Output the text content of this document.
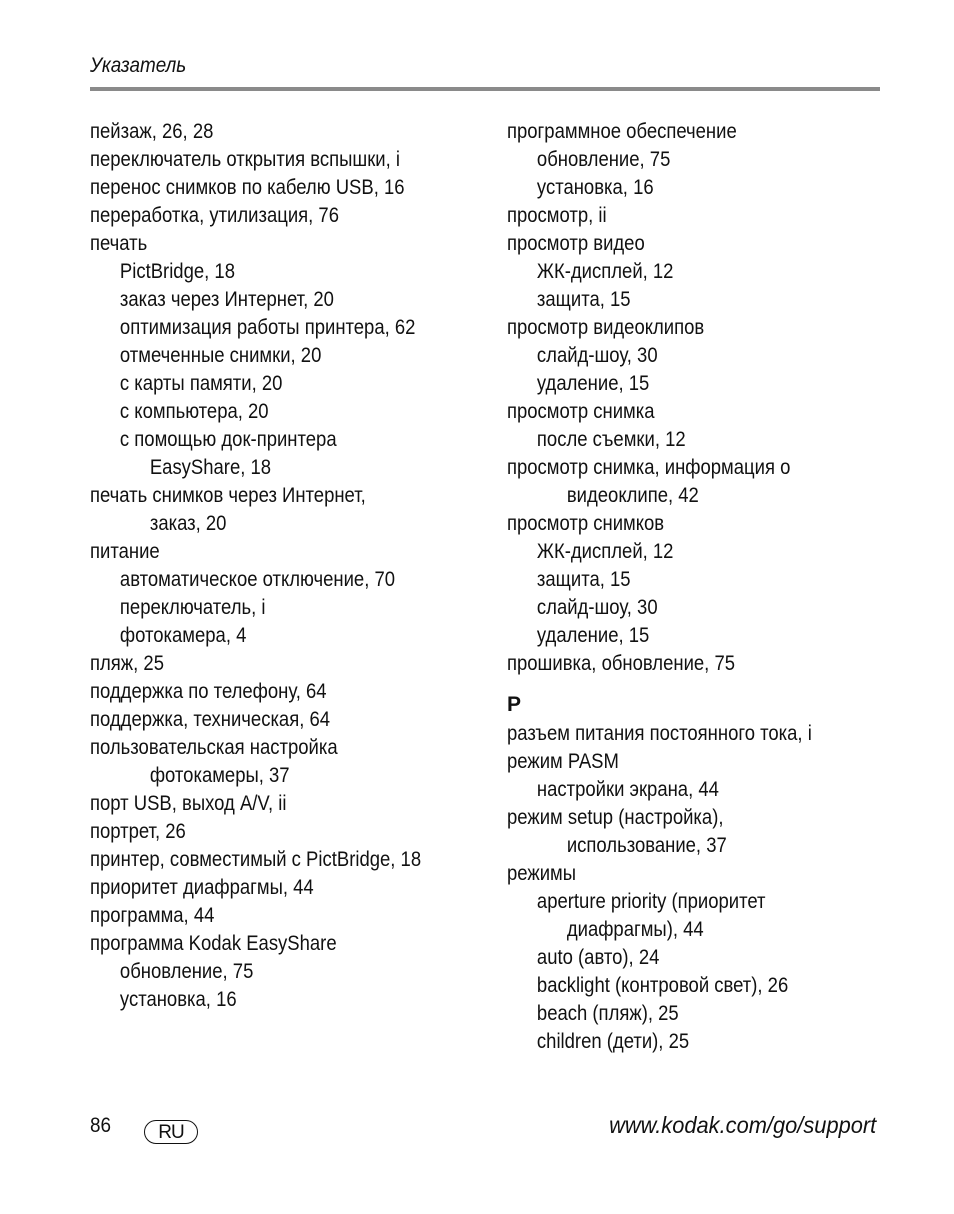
Указатель
пейзаж, 26, 28
переключатель открытия вспышки, i
перенос снимков по кабелю USB, 16
переработка, утилизация, 76
печать
PictBridge, 18
заказ через Интернет, 20
оптимизация работы принтера, 62
отмеченные снимки, 20
с карты памяти, 20
с компьютера, 20
с помощью док-принтера
EasyShare, 18
печать снимков через Интернет,
заказ, 20
питание
автоматическое отключение, 70
переключатель, i
фотокамера, 4
пляж, 25
поддержка по телефону, 64
поддержка, техническая, 64
пользовательская настройка
фотокамеры, 37
порт USB, выход A/V, ii
портрет, 26
принтер, совместимый с PictBridge, 18
приоритет диафрагмы, 44
программа, 44
программа Kodak EasyShare
обновление, 75
установка, 16
программное обеспечение
обновление, 75
установка, 16
просмотр, ii
просмотр видео
ЖК-дисплей, 12
защита, 15
просмотр видеоклипов
слайд-шоу, 30
удаление, 15
просмотр снимка
после съемки, 12
просмотр снимка, информация о
видеоклипе, 42
просмотр снимков
ЖК-дисплей, 12
защита, 15
слайд-шоу, 30
удаление, 15
прошивка, обновление, 75
Р
разъем питания постоянного тока, i
режим PASM
настройки экрана, 44
режим setup (настройка),
использование, 37
режимы
aperture priority (приоритет
диафрагмы), 44
auto (авто), 24
backlight (контровой свет), 26
beach (пляж), 25
children (дети), 25
86 RU	www.kodak.com/go/support
